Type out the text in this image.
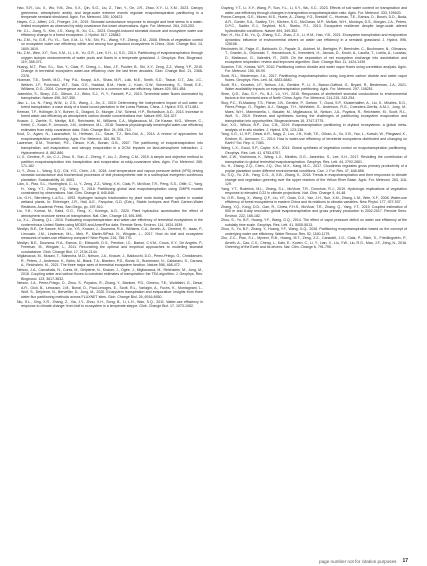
Hao, S.R., Liu, X., Wu, Y.M., Zhu, X.X., Qin, S.G., Liu, Z., Tian, Y., Ge, J.R., Zhao, X.Y., Li, X.M., 2023. Canopy greenness, atmospheric aridity, and large-scale extreme events regulate evapotranspiration partitioning in a temperate semiarid shrubland. Agric. For. Meteorol. 339, 109423.

Hayes, C.J., Alfieri, J.G., Prueger, J.H., 2019. Stomatal conductance response to drought and heat stress in a water-limited ecosystem as observed by eddy covariance flux tower observations. Agric. For. Meteorol. 264, 243-253.

He, C.L., Jiang, S., Kim, J.S., Xiong, B., Xu, C.L., 2023. Drought-induced stomatal closure and ecosystem water use efficiency change in a forest ecosystem. J. Hydrol. 617, 128842.

Hu, Z.M., Yu, G.R., Fu, Y.L., Sun, X.M., Li, Y.N., Shi, P.L., Wang, Y.F., Zheng, Z.M., 2008. Effects of vegetation control on ecosystem water use efficiency within and among four grassland ecosystems in China. Glob. Change Biol. 14, 1609-1619.

Hu, Z.M., Wen, X.F., Sun, X.M., Li, L.H., Yu, G.R., Lee, X.H., Li, S.G., 2014. Partitioning of evapotranspiration through oxygen isotopic measurements of water pools and fluxes in a temperate grassland. J. Geophys. Res. Biogeosci. 119, 358-371.

Huang, M.T., Piao, S.L., Sun, Y., Ciais, P., Cheng, L., Mao, J.F., Poulter, B., Shi, X.Y., Zeng, Z.Z., Wang, Y.P., 2015. Change in terrestrial ecosystem water-use efficiency over the last three decades. Glob. Change Biol. 21, 2366-2378.

Huxman, T.E., Smith, M.D., Fay, P.A., Knapp, A.K., Shaw, M.R., Loik, M.E., Smith, S.D., Tissue, D.T., Zak, J.C., Weltzin, J.F., Pockman, W.T., Sala, O.E., Haddad, B.M., Harte, J., Koch, G.W., Schwinning, S., Small, E.E., Williams, D.G., 2004. Convergence across biomes to a common rain-use efficiency. Nature 429, 651-654.

Jasechko, S., Sharp, Z.D., Gibson, J.J., Birks, S.J., Yi, Y., Fawcett, P.J., 2013. Terrestrial water fluxes dominated by transpiration. Nature 496, 347-350.

Jiao, L., Lu, N., Fang, W.W., Li, Z.S., Wang, J., Jin, Z., 2019. Determining the independent impact of soil water on forest transpiration: a case study of a black locust plantation in the Loess Plateau, China. J. Hydrol. 572, 671-681.

Keenan, T.F., Hollinger, D.Y., Bohrer, G., Dragoni, D., Munger, J.W., Schmid, H.P., Richardson, A.D., 2013. Increase in forest water-use efficiency as atmospheric carbon dioxide concentrations rise. Nature 499, 324-327.

Knauer, J., Zaehle, S., Medlyn, B.E., Reichstein, M., Williams, C.A., Migliavacca, M., De Kauwe, M.G., Werner, C., Keitel, C., Kolari, P., Limousin, J.M., Linderson, M.L., 2018. Towards physiologically meaningful water-use efficiency estimates from eddy covariance data. Glob. Change Biol. 24, 694-710.

Kool, D., Agam, N., Lazarovitch, N., Heitman, J.L., Sauer, T.J., Ben-Gal, A., 2014. A review of approaches for evapotranspiration partitioning. Agric. For. Meteorol. 184, 56-70.

Lawrence, D.M., Thornton, P.E., Oleson, K.W., Bonan, G.B., 2007. The partitioning of evapotranspiration into transpiration, soil evaporation, and canopy evaporation in a GCM: impacts on land-atmosphere interaction. J. Hydrometeorol. 8, 862-880.

Li, X., Gentine, P., Lin, C.J., Zhou, S., Sun, Z., Zheng, Y., Liu, J., Zheng, C.M., 2019. A simple and objective method to partition evapotranspiration into transpiration and evaporation at eddy-covariance sites. Agric. For. Meteorol. 265, 171-182.

Li, Y., Zhou, L., Wang, S.Q., Chi, Y.G., Chen, J.H., 2018. Leaf temperature and vapour pressure deficit (VPD) driving stomatal conductance and biochemical processes of leaf photosynthetic rate in a subtropical evergreen coniferous plantation. Sustainability 10, 4063.

Lian, X., Piao, S.L., Huntingford, C., Li, Y., Zeng, Z.Z., Wang, X.H., Ciais, P., McVicar, T.R., Peng, S.S., Ottlé, C., Yang, H., Yang, Y.T., Zhang, Y.Q., Wang, T., 2018. Partitioning global land evapotranspiration using CMIP5 models constrained by observations. Nat. Clim. Change 8, 640-646.

Lin, G.H., Sternberg, L.d.S.L., 1993. Hydrogen isotopic fractionation by plant roots during water uptake in coastal wetland plants. In: Ehleringer, J.R., Hall, A.E., Farquhar, G.D. (Eds.), Stable Isotopes and Plant Carbon-Water Relations. Academic Press, San Diego, pp. 497-510.

Liu, Y.H., Kumar, M., Katul, G.G., Feng, X., Konings, A.G., 2020. Plant hydraulics accentuates the effect of atmospheric moisture stress on transpiration. Nat. Clim. Change 10, 691-695.

Lu, X.L., Zhuang, Q.L., 2010. Evaluating evapotranspiration and water-use efficiency of terrestrial ecosystems in the conterminous United States using MODIS and AmeriFlux data. Remote Sens. Environ. 114, 1924-1939.

Medlyn, B.E., De Kauwe, M.G., Lin, Y.S., Knauer, J., Duursma, R.A., Williams, C.A., Arneth, A., Clement, R., Isaac, P., Limousin, J.M., Linderson, M.L., Meir, P., Martin-StPaul, N., Wingate, L., 2017. How do leaf and ecosystem measures of water-use efficiency compare? New Phytol. 216, 758-770.

Medlyn, B.E., Duursma, R.A., Eamus, D., Ellsworth, D.S., Prentice, I.C., Barton, C.V.M., Crous, K.Y., De Angelis, P., Freeman, M., Wingate, L., 2011. Reconciling the optimal and empirical approaches to modelling stomatal conductance. Glob. Change Biol. 17, 2134-2144.

Migliavacca, M., Musavi, T., Mahecha, M.D., Nelson, J.A., Knauer, J., Baldocchi, D.D., Perez-Priego, O., Christiansen, R., Peters, J., Anderson, K., Bahn, M., Black, T.A., Blanken, P.D., Bonal, D., Buchmann, N., Caldararu, S., Carrara, A., Reichstein, M., 2021. The three major axes of terrestrial ecosystem function. Nature 598, 468-472.

Nelson, J.A., Carvalhais, N., Cuntz, M., Delpierre, N., Knauer, J., Ogée, J., Migliavacca, M., Reichstein, M., Jung, M., 2018. Coupling water and carbon fluxes to constrain estimates of transpiration: the TEA algorithm. J. Geophys. Res. Biogeosci. 123, 3617-3632.

Nelson, J.A., Pérez-Priego, O., Zhou, S., Poyatos, R., Zhang, Y., Blanken, P.D., Gimeno, T.E., Wohlfahrt, G., Desai, A.R., Gioli, B., Limousin, J.M., Bonal, D., Paul-Limoges, E., Scott, R.L., Varlagin, A., Fuchs, K., Montagnani, L., Wolf, S., Delpierre, N., Berveiller, D., Jung, M., 2020. Ecosystem transpiration and evaporation: insights from three water flux partitioning methods across FLUXNET sites. Glob. Change Biol. 26, 6916-6930.

Niu, S.L., Xing, X.R., Zhang, Z., Xia, J.Y., Zhou, X.H., Song, B., Li, L.H., Wan, S.Q., 2011. Water-use efficiency in response to climate change: from leaf to ecosystem in a temperate steppe. Glob. Change Biol. 17, 1073-1082.

Ouyang, Y.T., Li, X.Y., Wang, P., Sun, Y.L., Li, X.Y., Wu, X.C., 2023. Effects of soil water content on transpiration and water-use efficiency through changes in transpiration-evapotranspiration ratio. Agric. For. Meteorol. 333, 109403.

Ponce-Campos, G.E., Moran, M.S., Huete, A., Zhang, Y.G., Bresloff, C., Huxman, T.E., Eamus, D., Bosch, D.D., Buda, A.R., Gunter, S.A., Scalley, T.H., Kitchen, S.G., McClaran, M.P., McNab, W.H., Montoya, D.S., Morgan, J.A., Peters, D.P.C., Sadler, E.J., Seyfried, M.S., Starks, P.J., 2013. Ecosystem resilience despite large-scale altered hydroclimatic conditions. Nature 494, 349-352.

Ran, H., Hu, Z.M., Yu, Q., Zhang, S.C., Zhao, Z.X., Li, H.M., Hao, Y.B., 2021. Ecosystem transpiration and evaporation dynamics: influence of environmental drivers on water use efficiency in a semiarid grassland. J. Hydrol. 596, 126106.

Reichstein, M., Falge, E., Baldocchi, D., Papale, D., Aubinet, M., Berbigier, P., Bernhofer, C., Buchmann, N., Gilmanov, T., Granier, A., Grünwald, T., Havránková, K., Ilvesniemi, H., Janous, D., Knohl, A., Laurila, T., Lohila, A., Loustau, D., Matteucci, G., Valentini, R., 2005. On the separation of net ecosystem exchange into assimilation and ecosystem respiration: review and improved algorithm. Glob. Change Biol. 11, 1424-1439.

Scanlon, T.M., Kustas, W.P., 2010. Partitioning carbon dioxide and water vapor fluxes using correlation analysis. Agric. For. Meteorol. 150, 89-99.

Scott, R.L., Biederman, J.A., 2017. Partitioning evapotranspiration using long-term carbon dioxide and water vapor fluxes. Geophys. Res. Lett. 44, 6833-6840.

Scott, R.L., Knowles, J.F., Nelson, J.A., Gentine, P., Li, X., Barron-Gafford, G., Bryant, R., Biederman, J.A., 2021. Water availability impacts on evapotranspiration partitioning. Agric. For. Meteorol. 297, 108251.

Shen, Q.D., Gao, G.Y., Fu, B.J., Lü, Y.H., 2015. Responses of shelterbelt stomatal conductance to environmental factors in the semiarid area of North China. Agric. For. Meteorol. 214-215, 243-254.

Stoy, P.C., El-Madany, T.S., Fisher, J.B., Gentine, P., Gerken, T., Good, S.P., Klosterhalfen, A., Liu, S., Miralles, D.G., Perez-Priego, O., Rigden, A.J., Skaggs, T.H., Wohlfahrt, G., Anderson, R.G., Coenders-Gerrits, A.M.J., Jung, M., Maes, W.H., Mammarella, I., Mauder, M., Migliavacca, M., Nelson, J.A., Poyatos, R., Reichstein, M., Scott, R.L., Wolf, S., 2019. Reviews and syntheses: turning the challenges of partitioning ecosystem evaporation and transpiration into opportunities. Biogeosciences 16, 3747-3775.

Sun, X.G., Wilcox, B.P., Zou, C.B., 2019. Evapotranspiration partitioning in dryland ecosystems: a global meta-analysis of in situ studies. J. Hydrol. 576, 123-136.

Tang, X.G., Li, H.P., Desai, A.R., Nagy, Z., Luo, J.H., Kolb, T.E., Olioso, A., Xu, X.B., Yao, L., Kutsch, W., Pilegaard, K., Köstner, B., Ammann, C., 2014. How is water-use efficiency of terrestrial ecosystems distributed and changing on Earth? Sci. Rep. 4, 7483.

Wang, L.X., Good, S.P., Caylor, K.K., 2014. Global synthesis of vegetation control on evapotranspiration partitioning. Geophys. Res. Lett. 41, 6753-6757.

Wei, Z.W., Yoshimura, K., Wang, L.X., Miralles, D.G., Jasechko, S., Lee, X.H., 2017. Revisiting the contribution of transpiration to global terrestrial evapotranspiration. Geophys. Res. Lett. 44, 2792-2801.

Xu, H., Zhang, Z.Q., Chen, J.Q., Zhu, M.X., Kang, M.C., 2017. Cloudiness regulates gross primary productivity of a poplar plantation under different environmental conditions. Can. J. For. Res. 47, 648-658.

Xu, S.Q., Yu, Z.B., Yang, C.G., Ji, X.B., Zhang, K., 2018. Trends in evapotranspiration and their responses to climate change and vegetation greening over the upper reaches of the Yellow River Basin. Agric. For. Meteorol. 263, 118-129.

Yang, Y.T., Roderick, M.L., Zhang, S.L., McVicar, T.R., Donohue, R.J., 2019. Hydrologic implications of vegetation response to elevated CO2 in climate projections. Nat. Clim. Change 9, 44-48.

Yu, G.R., Song, X., Wang, Q.F., Liu, Y.F., Guan, D.X., Yan, J.H., Sun, X.M., Zhang, L.M., Wen, X.F., 2008. Water-use efficiency of forest ecosystems in eastern China and its relations to climatic variables. New Phytol. 177, 927-937.

Zhang, Y.Q., Kong, D.D., Gan, R., Chiew, F.H.S., McVicar, T.R., Zhang, Q., Yang, Y.T., 2019. Coupled estimation of 500 m and 8-day resolution global evapotranspiration and gross primary production in 2002-2017. Remote Sens. Environ. 222, 165-182.

Zhou, S., Yu, B.F., Huang, Y.F., Wang, G.Q., 2014. The effect of vapor pressure deficit on water use efficiency at the subdaily time scale. Geophys. Res. Lett. 41, 5005-5013.

Zhou, S., Yu, B.F., Zhang, Y., Huang, Y.F., Wang, G.Q., 2016. Partitioning evapotranspiration based on the concept of underlying water use efficiency. Water Resour. Res. 52, 1160-1175.

Zhu, Z.C., Piao, S.L., Myneni, R.B., Huang, M.T., Zeng, Z.Z., Canadell, J.G., Ciais, P., Sitch, S., Friedlingstein, P., Arneth, A., Cao, C.X., Cheng, L., Kato, E., Koven, C., Li, Y., Lian, X., Liu, Y.W., Liu, R.G., Mao, J.F., Zeng, N., 2016. Greening of the Earth and its drivers. Nat. Clim. Change 6, 791-795.

page number not for citation purposes 17
